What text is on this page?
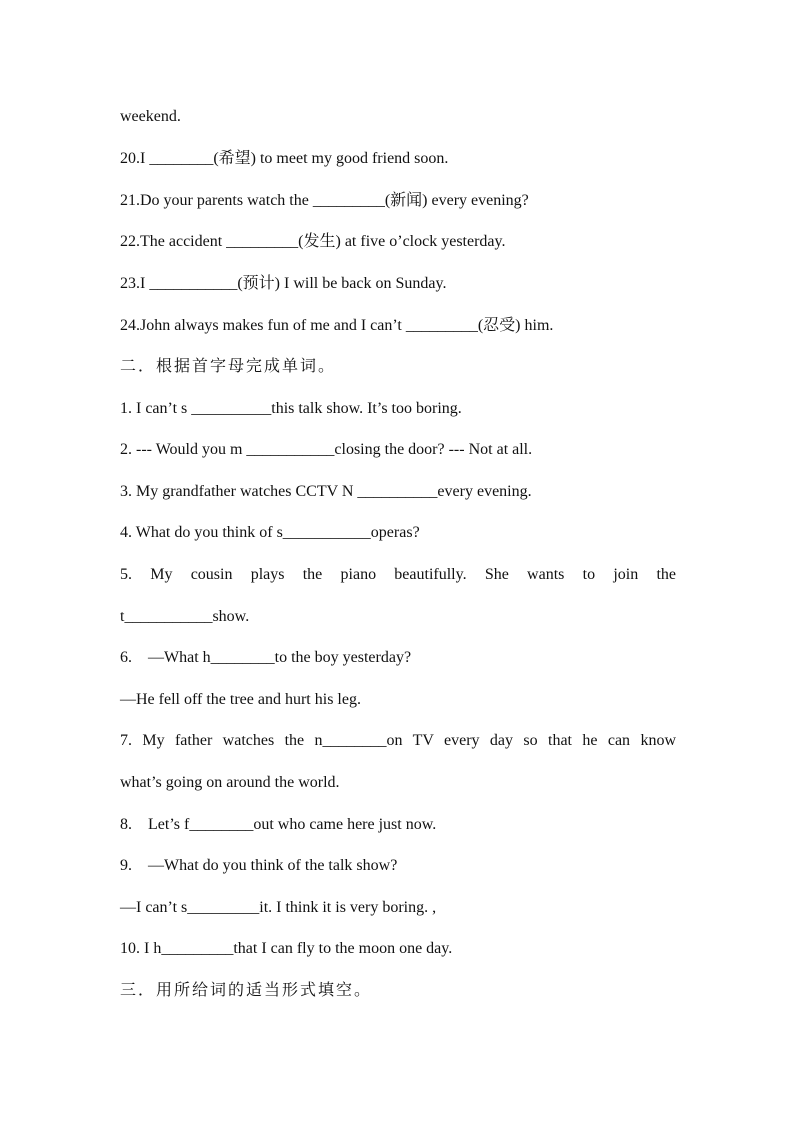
weekend.
20.I ________(希望) to meet my good friend soon.
21.Do your parents watch the _________(新闻) every evening?
22.The accident _________(发生) at five o’clock yesterday.
23.I ___________(预计) I will be back on Sunday.
24.John always makes fun of me and I can’t _________(忍受) him.
二．根据首字母完成单词。
1. I can’t s __________this talk show. It’s too boring.
2. --- Would you m ___________closing the door? --- Not at all.
3. My grandfather watches CCTV N __________every evening.
4. What do you think of s___________operas?
5. My cousin plays the piano beautifully. She wants to join the
t___________show.
6.　—What h________to the boy yesterday?
—He fell off the tree and hurt his leg.
7. My father watches the n________on TV every day so that he can know
what’s going on around the world.
8.　Let’s f________out who came here just now.
9.　—What do you think of the talk show?
—I can’t s_________it. I think it is very boring. ,
10. I h_________that I can fly to the moon one day.
三．用所给词的适当形式填空。
